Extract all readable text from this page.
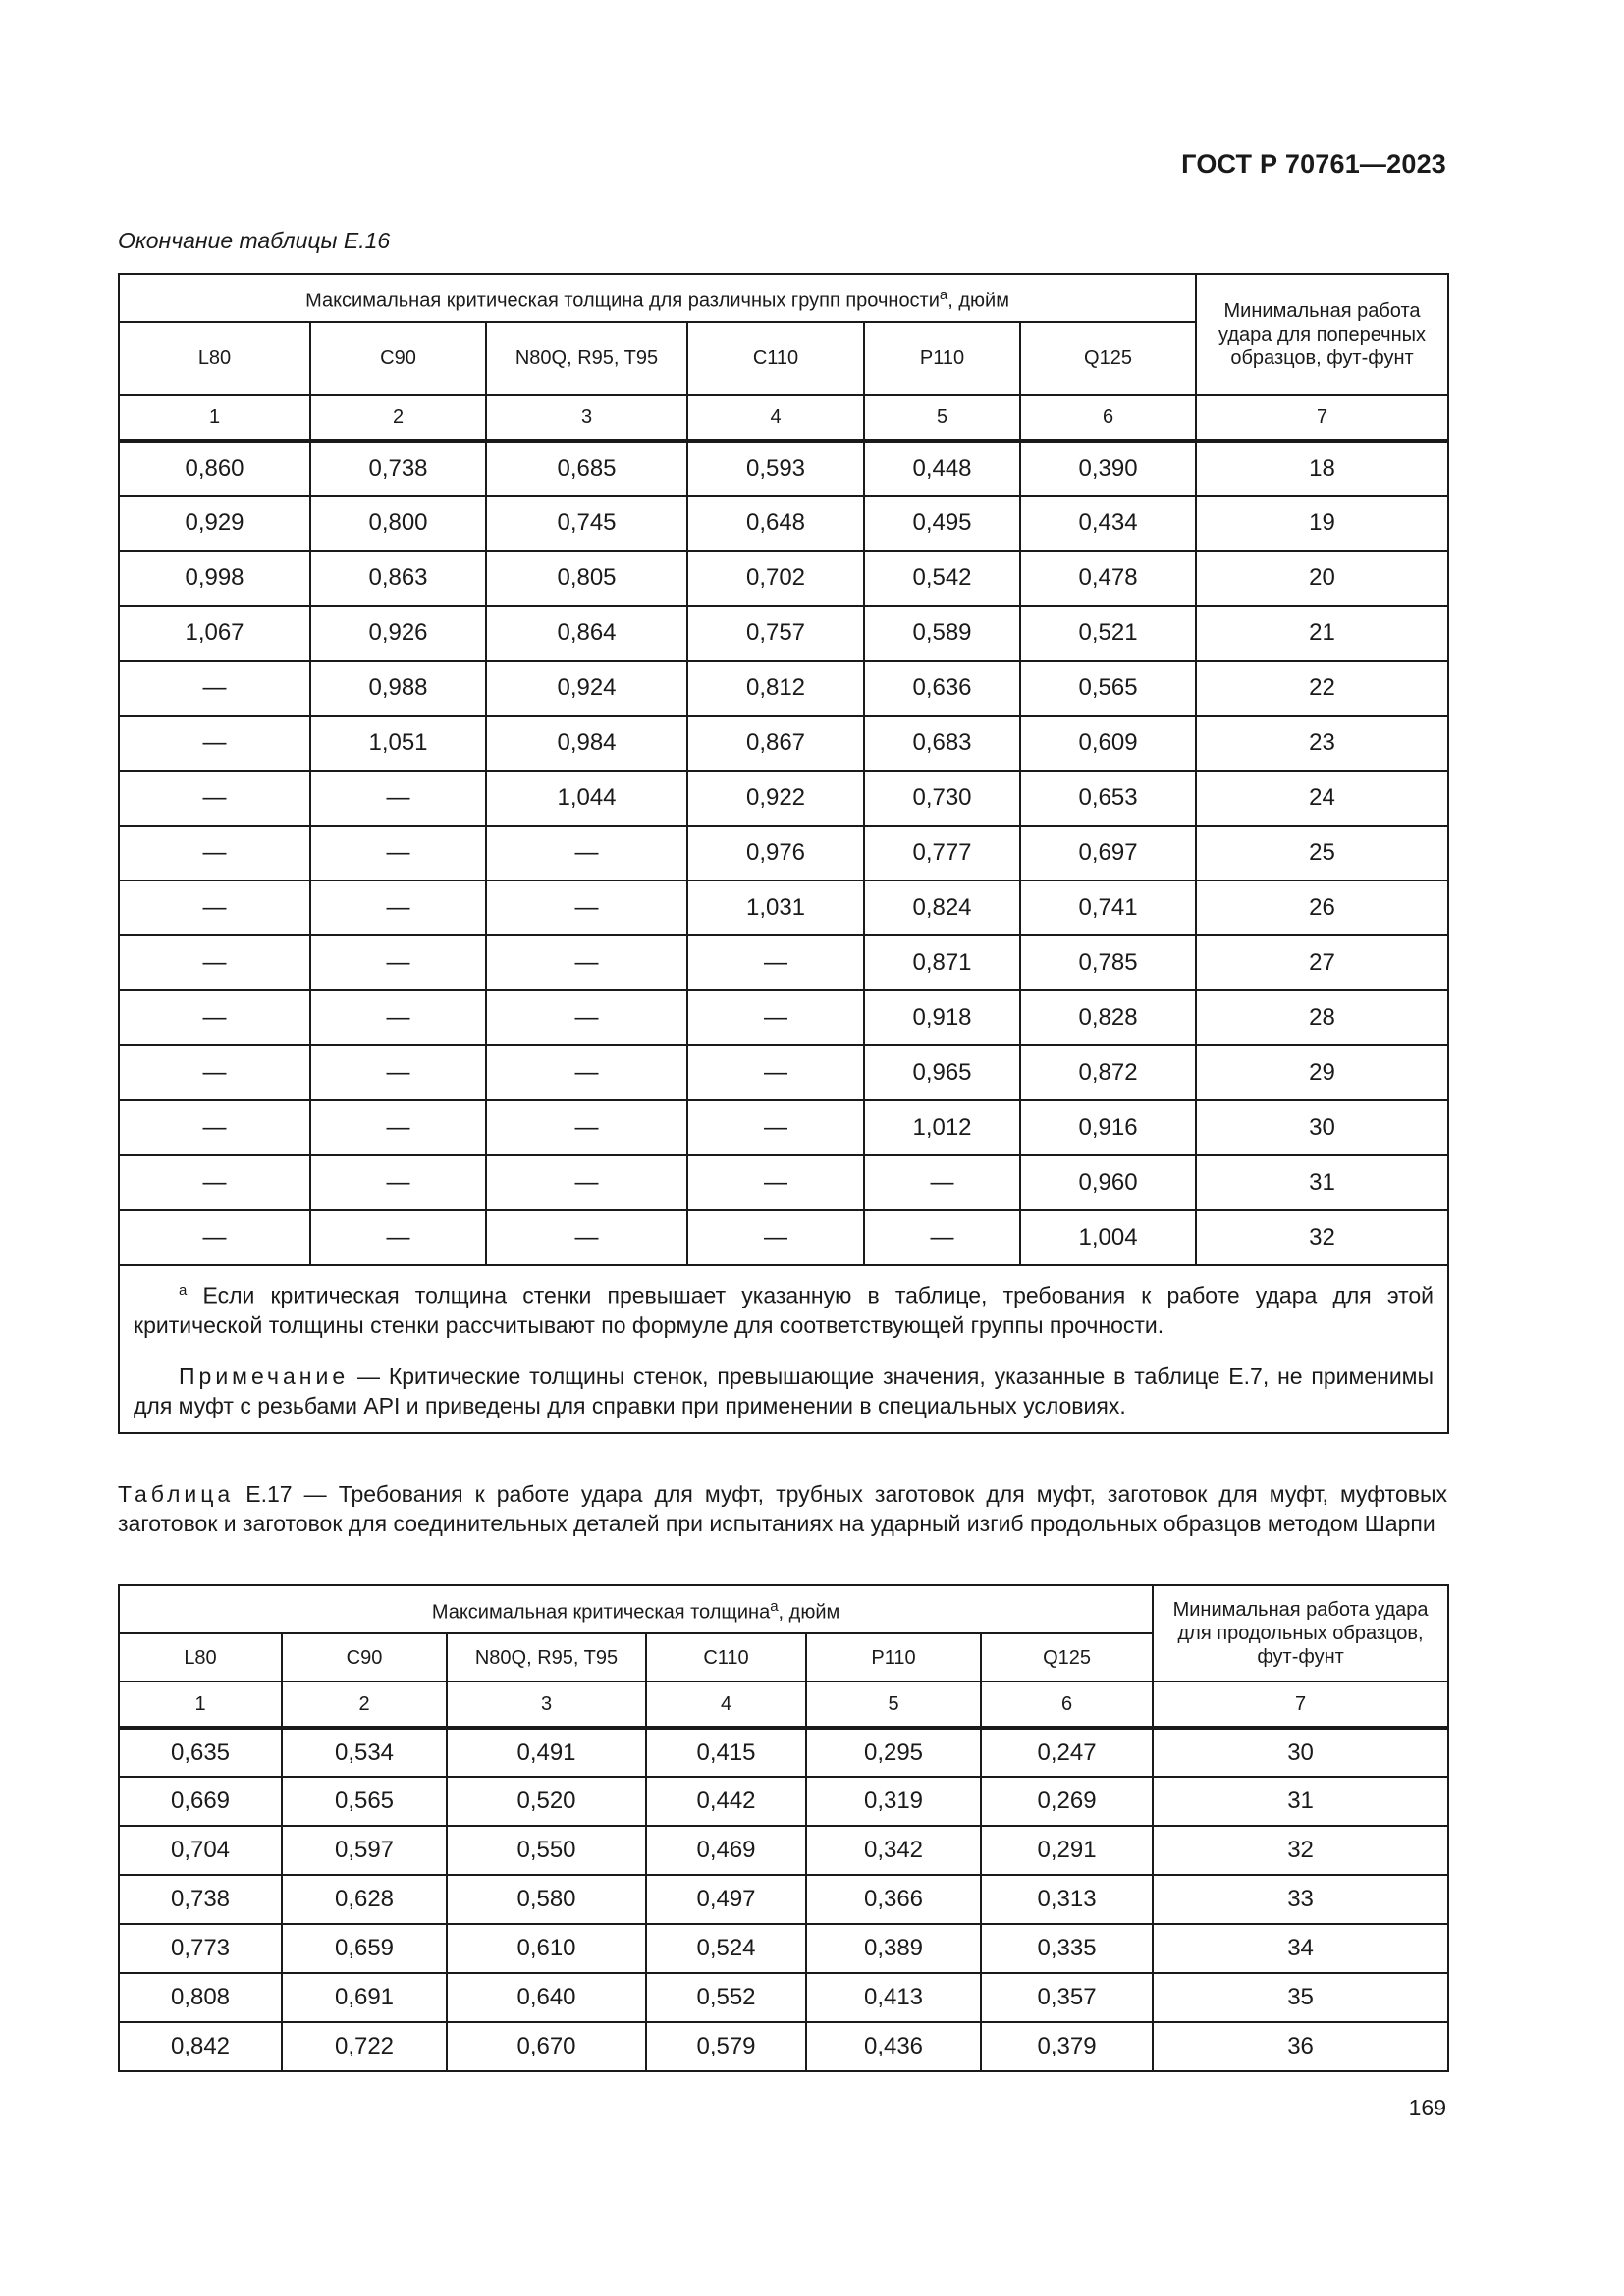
ГОСТ Р 70761—2023
Окончание таблицы Е.16
Максимальная критическая толщина для различных групп прочности$^а$, дюйм						Минимальная работа удара для поперечных образцов, фут-фунт
L80	C90	N80Q, R95, T95	C110	P110	Q125	
1	2	3	4	5	6	7
0,860	0,738	0,685	0,593	0,448	0,390	18
0,929	0,800	0,745	0,648	0,495	0,434	19
0,998	0,863	0,805	0,702	0,542	0,478	20
1,067	0,926	0,864	0,757	0,589	0,521	21
—	0,988	0,924	0,812	0,636	0,565	22
—	1,051	0,984	0,867	0,683	0,609	23
—	—	1,044	0,922	0,730	0,653	24
—	—	—	0,976	0,777	0,697	25
—	—	—	1,031	0,824	0,741	26
—	—	—	—	0,871	0,785	27
—	—	—	—	0,918	0,828	28
—	—	—	—	0,965	0,872	29
—	—	—	—	1,012	0,916	30
—	—	—	—	—	0,960	31
—	—	—	—	—	1,004	32

$^а$ Если критическая толщина стенки превышает указанную в таблице, требования к работе удара для этой критической толщины стенки рассчитывают по формуле для соответствующей группы прочности.

Примечание — Критические толщины стенок, превышающие значения, указанные в таблице Е.7, не применимы для муфт с резьбами API и приведены для справки при применении в специальных условиях.						

Таблица Е.17 — Требования к работе удара для муфт, трубных заготовок для муфт, заготовок для муфт, муфтовых заготовок и заготовок для соединительных деталей при испытаниях на ударный изгиб продольных образцов методом Шарпи
Максимальная критическая толщина$^а$, дюйм						Минимальная работа удара для продольных образцов, фут-фунт
L80	C90	N80Q, R95, T95	C110	P110	Q125	
1	2	3	4	5	6	7
0,635	0,534	0,491	0,415	0,295	0,247	30
0,669	0,565	0,520	0,442	0,319	0,269	31
0,704	0,597	0,550	0,469	0,342	0,291	32
0,738	0,628	0,580	0,497	0,366	0,313	33
0,773	0,659	0,610	0,524	0,389	0,335	34
0,808	0,691	0,640	0,552	0,413	0,357	35
0,842	0,722	0,670	0,579	0,436	0,379	36
169
